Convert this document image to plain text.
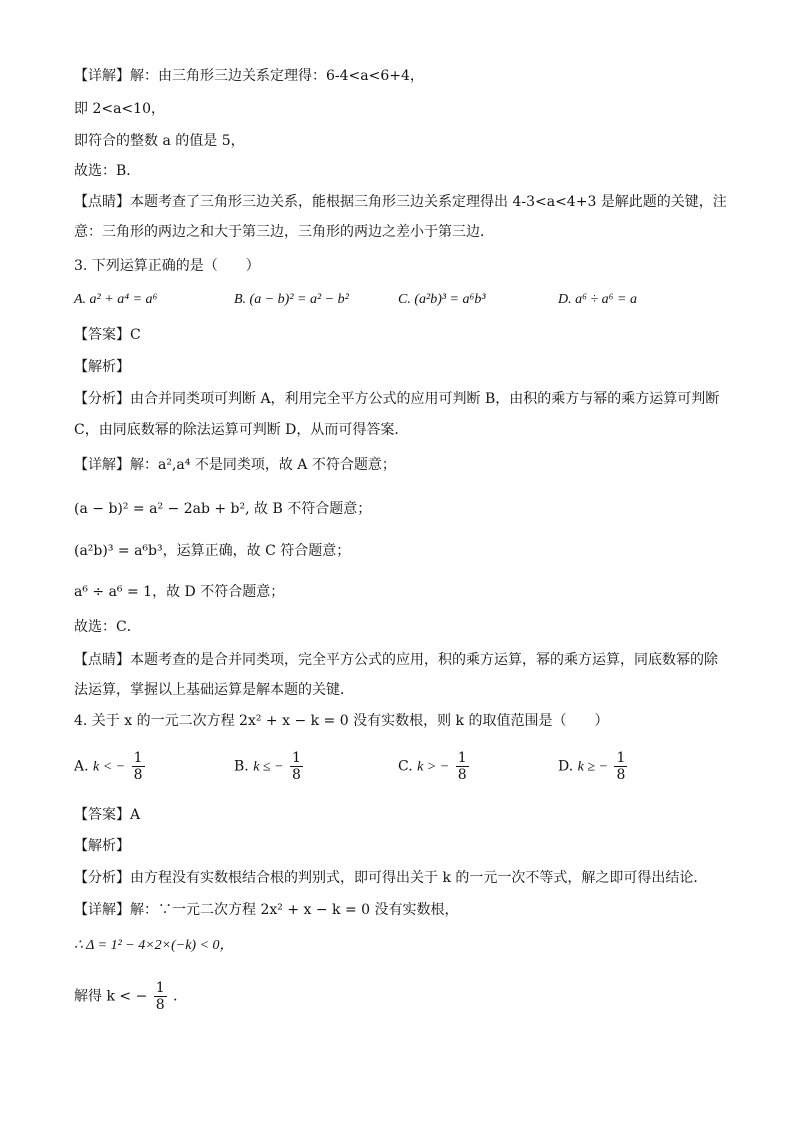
【详解】解：由三角形三边关系定理得：6-4<a<6+4，
即 2<a<10，
即符合的整数 a 的值是 5，
故选：B．
【点睛】本题考查了三角形三边关系，能根据三角形三边关系定理得出 4-3<a<4+3 是解此题的关键，注
意：三角形的两边之和大于第三边，三角形的两边之差小于第三边．
3. 下列运算正确的是（　　）
A. a² + a⁴ = a⁶	B. (a − b)² = a² − b²	C. (a²b)³ = a⁶b³	D. a⁶ ÷ a⁶ = a
【答案】C
【解析】
【分析】由合并同类项可判断 A，利用完全平方公式的应用可判断 B，由积的乘方与幂的乘方运算可判断
C，由同底数幂的除法运算可判断 D，从而可得答案．
【详解】解：a²,a⁴ 不是同类项，故 A 不符合题意；
(a − b)² = a² − 2ab + b², 故 B 不符合题意；
(a²b)³ = a⁶b³，运算正确，故 C 符合题意；
a⁶ ÷ a⁶ = 1，故 D 不符合题意；
故选：C．
【点睛】本题考查的是合并同类项，完全平方公式的应用，积的乘方运算，幂的乘方运算，同底数幂的除
法运算，掌握以上基础运算是解本题的关键．
4. 关于 x 的一元二次方程 2x² + x − k = 0 没有实数根，则 k 的取值范围是（　　）
A. k < − $\frac{1}{8}$	B. k ≤ − $\frac{1}{8}$	C. k > − $\frac{1}{8}$	D. k ≥ − $\frac{1}{8}$
【答案】A
【解析】
【分析】由方程没有实数根结合根的判别式，即可得出关于 k 的一元一次不等式，解之即可得出结论．
【详解】解：∵一元二次方程 2x² + x − k = 0 没有实数根，
∴ Δ = 1² − 4×2×(−k) < 0，
解得 k < − $\frac{1}{8}$ ．
